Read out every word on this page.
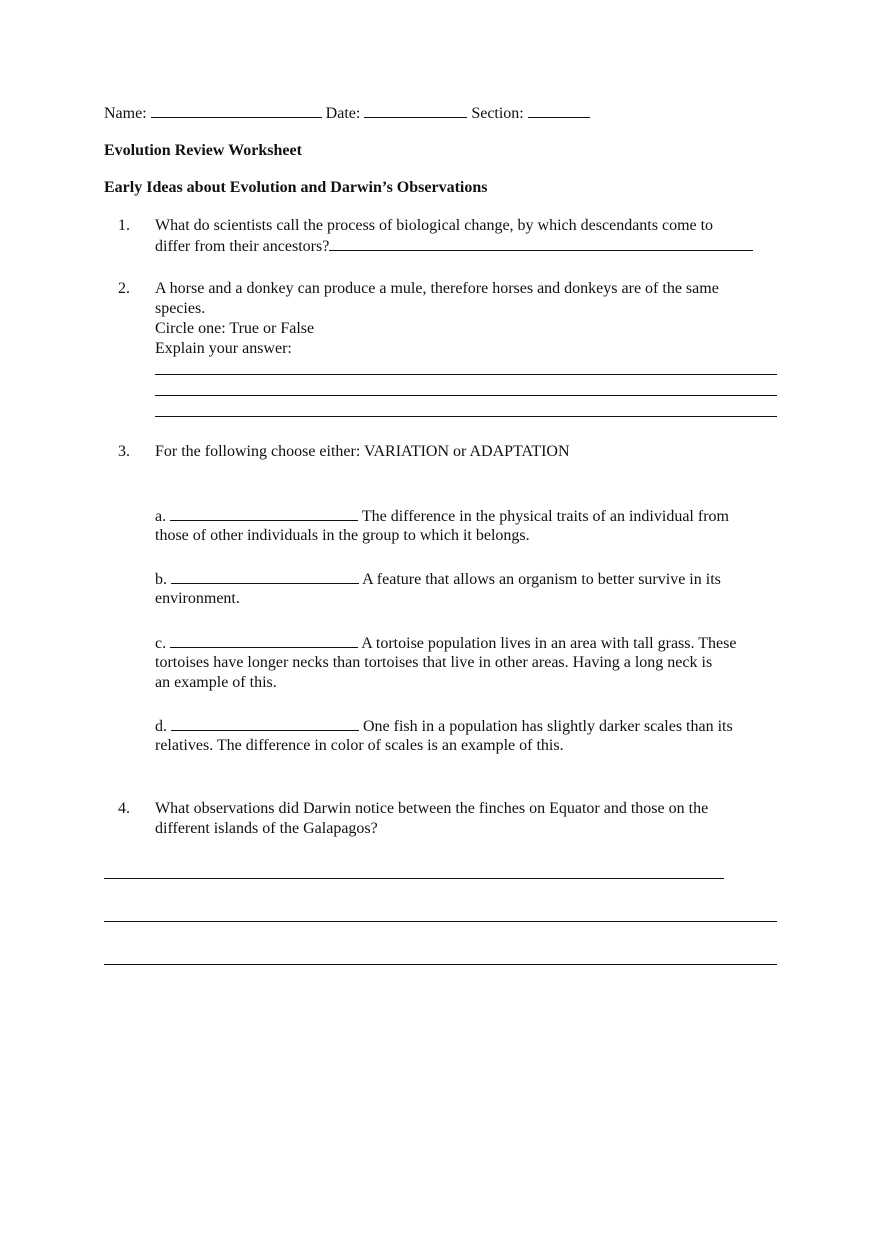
Name:	Date:	Section:
Evolution Review Worksheet
Early Ideas about Evolution and Darwin’s Observations
1. What do scientists call the process of biological change, by which descendants come to
differ from their ancestors?
2. A horse and a donkey can produce a mule, therefore horses and donkeys are of the same
species.
Circle one: True or False
Explain your answer:
3. For the following choose either: VARIATION or ADAPTATION
a.	The difference in the physical traits of an individual from
those of other individuals in the group to which it belongs.
b.	A feature that allows an organism to better survive in its
environment.
c.	A tortoise population lives in an area with tall grass. These
tortoises have longer necks than tortoises that live in other areas. Having a long neck is
an example of this.
d.	One fish in a population has slightly darker scales than its
relatives. The difference in color of scales is an example of this.
4. What observations did Darwin notice between the finches on Equator and those on the
different islands of the Galapagos?
